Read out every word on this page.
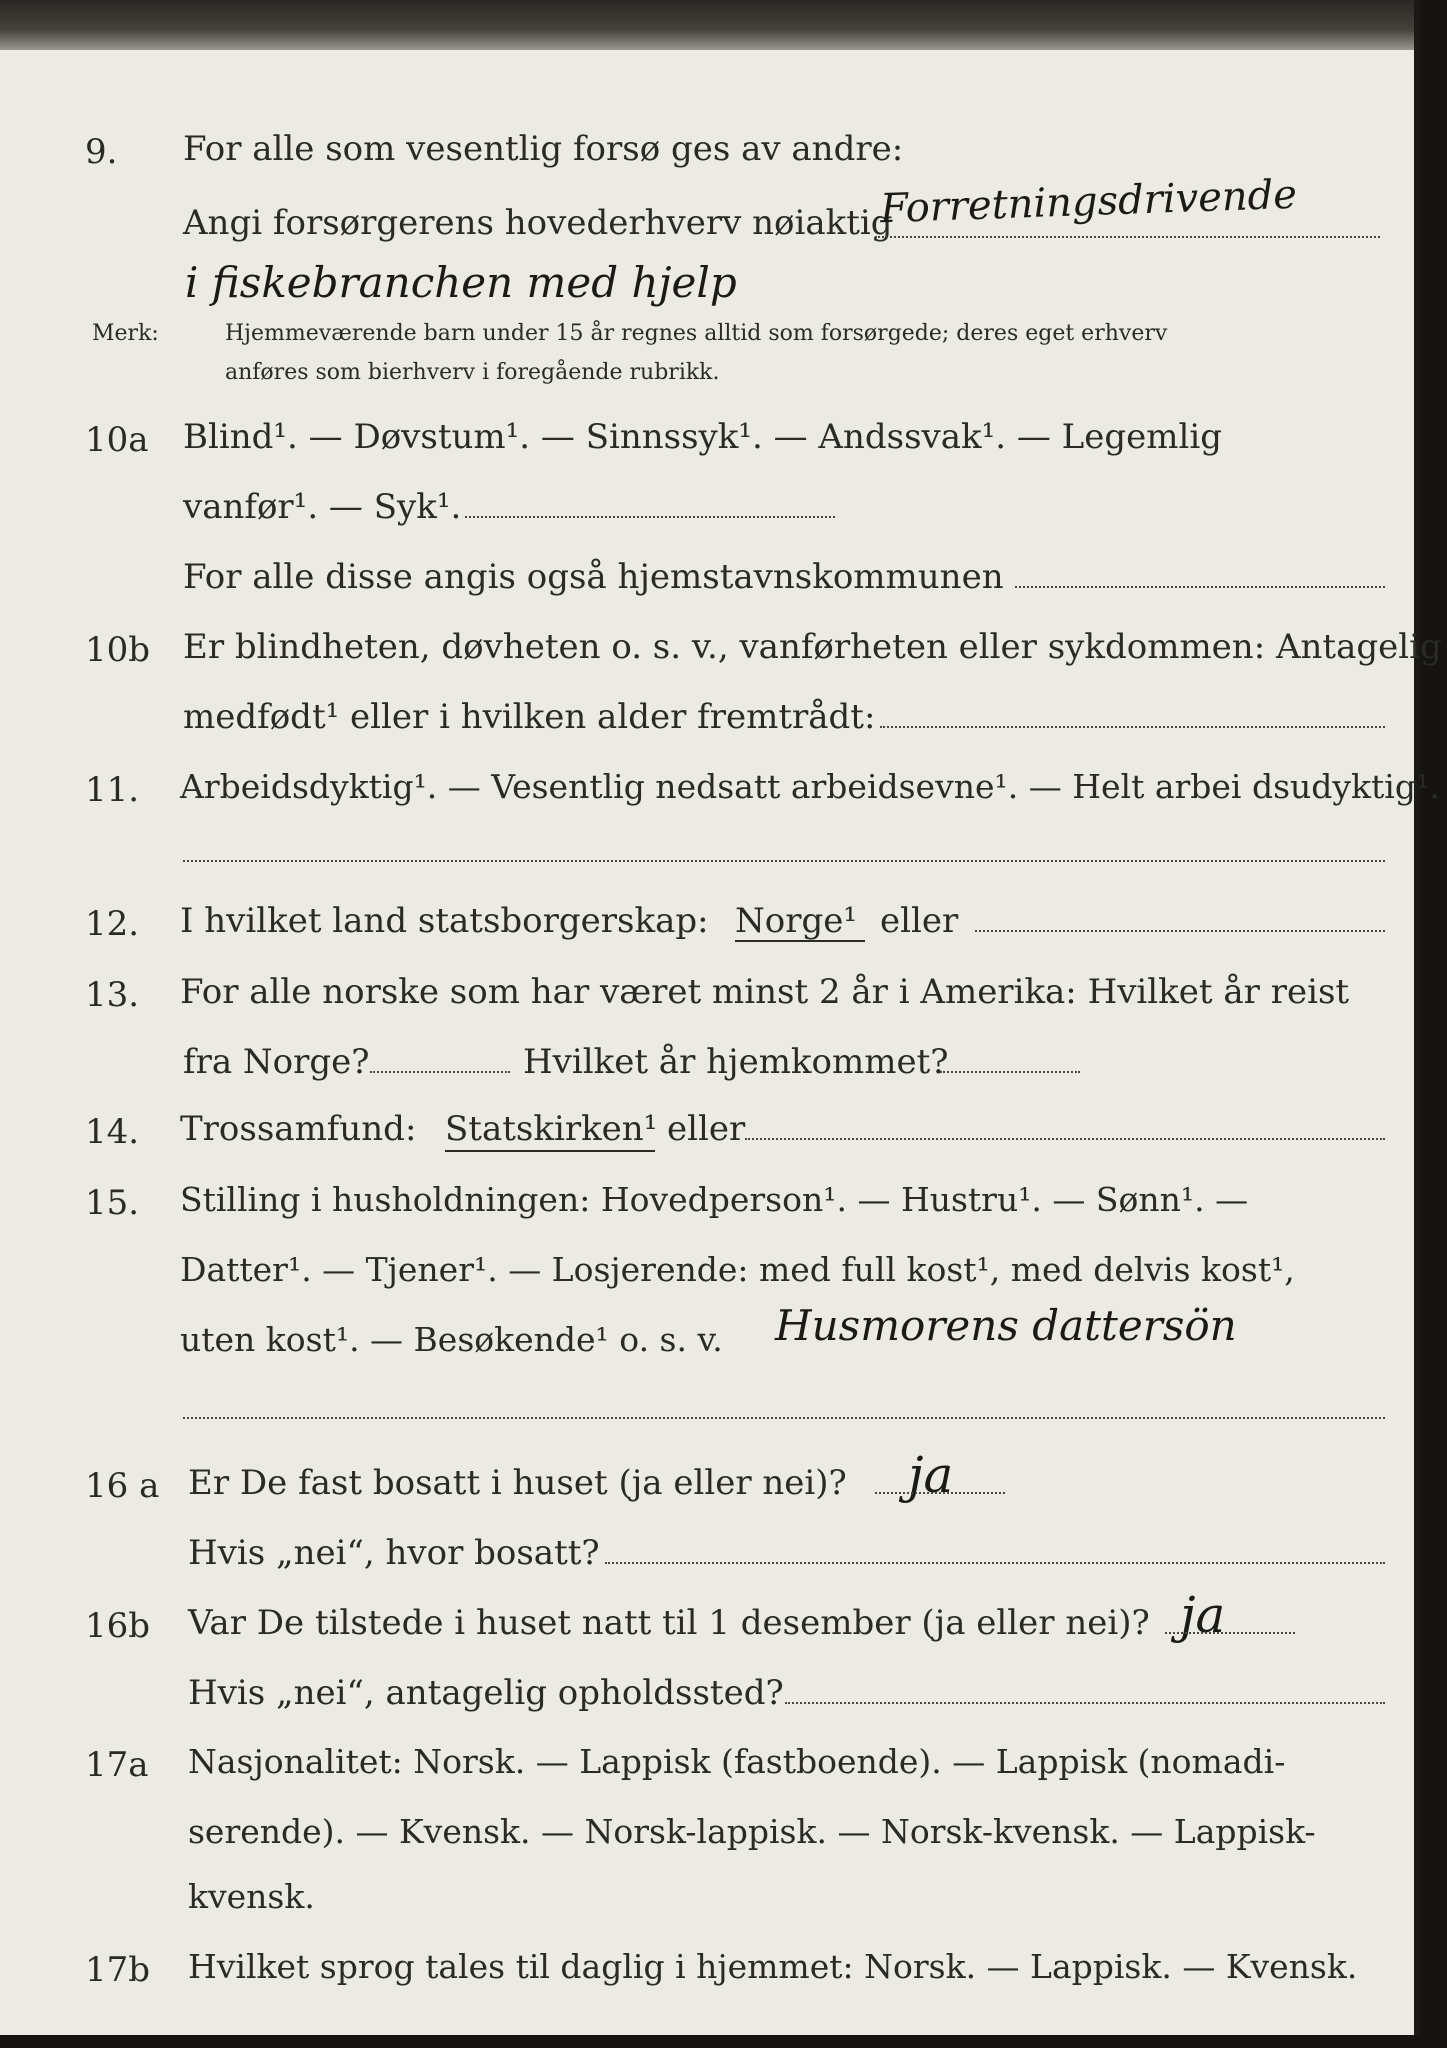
9. For alle som vesentlig forsø ges av andre:
Angi forsørgerens hovederhverv nøiaktig
Forretningsdrivende
i fiskebranchen med hjelp
Merk:	Hjemmeværende barn under 15 år regnes alltid som forsørgede; deres eget erhverv
anføres som bierhverv i foregående rubrikk.
10a Blind¹. — Døvstum¹. — Sinnssyk¹. — Andssvak¹. — Legemlig
vanfør¹. — Syk¹.
For alle disse angis også hjemstavnskommunen
10b Er blindheten, døvheten o. s. v., vanførheten eller sykdommen: Antagelig
medfødt¹ eller i hvilken alder fremtrådt:
11. Arbeidsdyktig¹. — Vesentlig nedsatt arbeidsevne¹. — Helt arbei dsudyktig¹.
12. I hvilket land statsborgerskap: Norge¹ eller
13. For alle norske som har været minst 2 år i Amerika: Hvilket år reist
fra Norge?	Hvilket år hjemkommet?
14. Trossamfund: Statskirken¹ eller
15. Stilling i husholdningen: Hovedperson¹. — Hustru¹. — Sønn¹. —
Datter¹. — Tjener¹. — Losjerende: med full kost¹, med delvis kost¹,
uten kost¹. — Besøkende¹ o. s. v. Husmorens dattersön
16 a Er De fast bosatt i huset (ja eller nei)? ja
Hvis „nei“, hvor bosatt?
16b Var De tilstede i huset natt til 1 desember (ja eller nei)? ja
Hvis „nei“, antagelig opholdssted?
17a Nasjonalitet: Norsk. — Lappisk (fastboende). — Lappisk (nomadi-
serende). — Kvensk. — Norsk-lappisk. — Norsk-kvensk. — Lappisk-
kvensk.
17b Hvilket sprog tales til daglig i hjemmet: Norsk. — Lappisk. — Kvensk.
